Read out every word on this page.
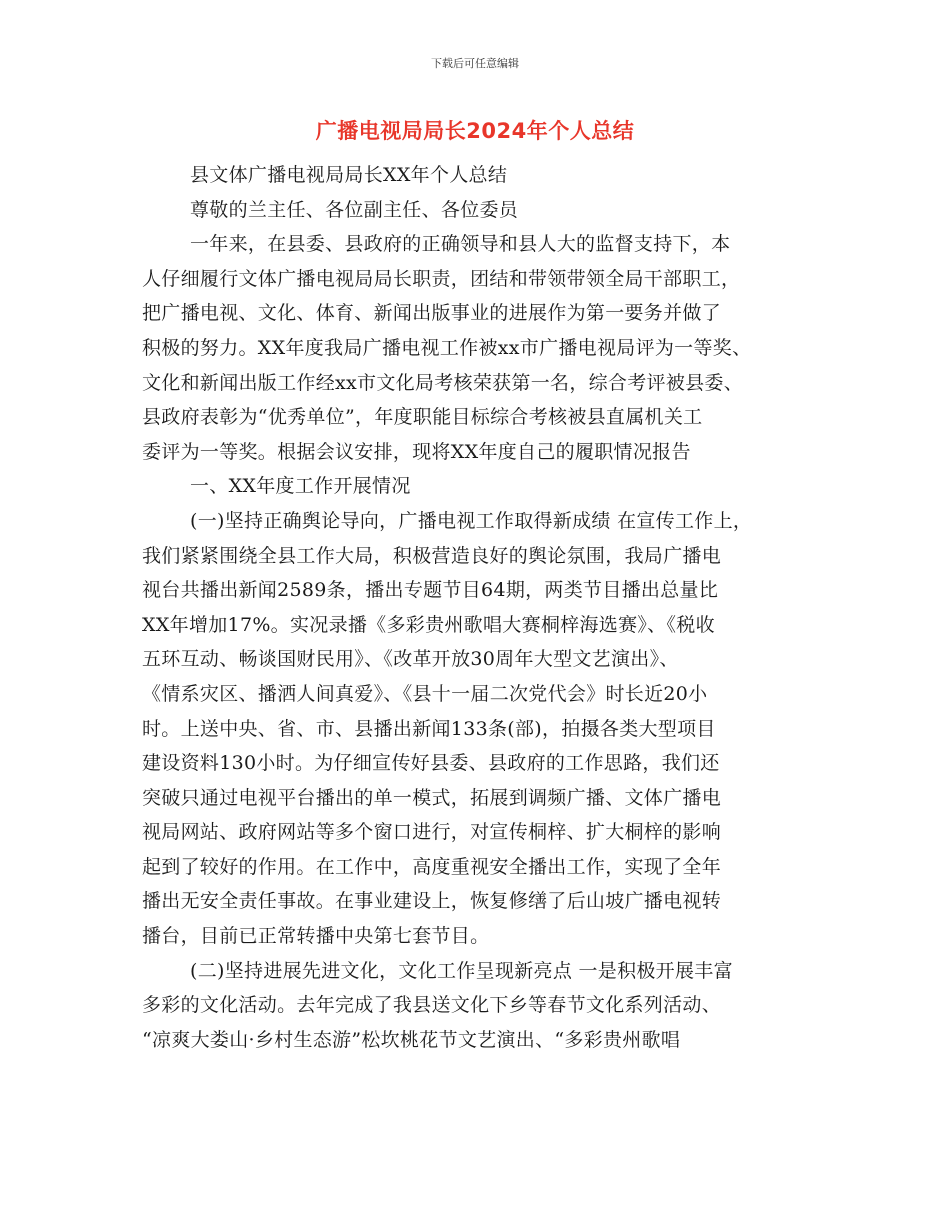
下载后可任意编辑
广播电视局局长2024年个人总结

县文体广播电视局局长XX年个人总结

尊敬的兰主任、各位副主任、各位委员

一年来，在县委、县政府的正确领导和县人大的监督支持下，本
人仔细履行文体广播电视局局长职责，团结和带领带领全局干部职工，
把广播电视、文化、体育、新闻出版事业的进展作为第一要务并做了
积极的努力。XX年度我局广播电视工作被xx市广播电视局评为一等奖、
文化和新闻出版工作经xx市文化局考核荣获第一名，综合考评被县委、
县政府表彰为“优秀单位”，年度职能目标综合考核被县直属机关工
委评为一等奖。根据会议安排，现将XX年度自己的履职情况报告

一、XX年度工作开展情况

(一)坚持正确舆论导向，广播电视工作取得新成绩 在宣传工作上，
我们紧紧围绕全县工作大局，积极营造良好的舆论氛围，我局广播电
视台共播出新闻2589条，播出专题节目64期，两类节目播出总量比
XX年增加17%。实况录播《多彩贵州歌唱大赛桐梓海选赛》、《税收
五环互动、畅谈国财民用》、《改革开放30周年大型文艺演出》、
《情系灾区、播洒人间真爱》、《县十一届二次党代会》时长近20小
时。上送中央、省、市、县播出新闻133条(部)，拍摄各类大型项目
建设资料130小时。为仔细宣传好县委、县政府的工作思路，我们还
突破只通过电视平台播出的单一模式，拓展到调频广播、文体广播电
视局网站、政府网站等多个窗口进行，对宣传桐梓、扩大桐梓的影响
起到了较好的作用。在工作中，高度重视安全播出工作，实现了全年
播出无安全责任事故。在事业建设上，恢复修缮了后山坡广播电视转
播台，目前已正常转播中央第七套节目。

(二)坚持进展先进文化，文化工作呈现新亮点 一是积极开展丰富
多彩的文化活动。去年完成了我县送文化下乡等春节文化系列活动、
“凉爽大娄山·乡村生态游”松坎桃花节文艺演出、“多彩贵州歌唱
